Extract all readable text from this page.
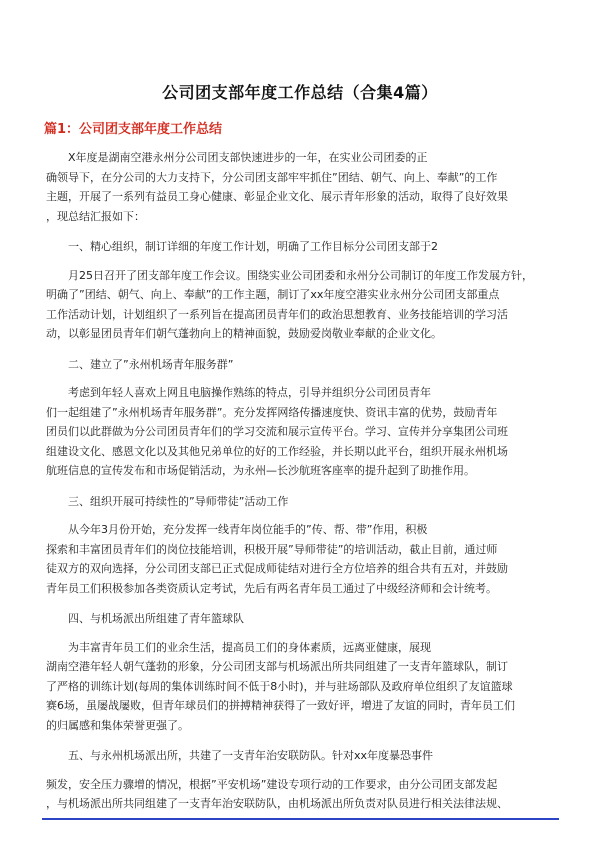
公司团支部年度工作总结（合集4篇）
篇1：公司团支部年度工作总结

X年度是湖南空港永州分公司团支部快速进步的一年，在实业公司团委的正
确领导下，在分公司的大力支持下，分公司团支部牢牢抓住”团结、朝气、向上、奉献”的工作
主题，开展了一系列有益员工身心健康、彰显企业文化、展示青年形象的活动，取得了良好效果
，现总结汇报如下：

一、精心组织，制订详细的年度工作计划，明确了工作目标分公司团支部于2

月25日召开了团支部年度工作会议。围绕实业公司团委和永州分公司制订的年度工作发展方针，
明确了”团结、朝气、向上、奉献”的工作主题，制订了xx年度空港实业永州分公司团支部重点
工作活动计划，计划组织了一系列旨在提高团员青年们的政治思想教育、业务技能培训的学习活
动，以彰显团员青年们朝气蓬勃向上的精神面貌，鼓励爱岗敬业奉献的企业文化。

二、建立了”永州机场青年服务群”

考虑到年轻人喜欢上网且电脑操作熟练的特点，引导并组织分公司团员青年
们一起组建了”永州机场青年服务群”。充分发挥网络传播速度快、资讯丰富的优势，鼓励青年
团员们以此群做为分公司团员青年们的学习交流和展示宣传平台。学习、宣传并分享集团公司班
组建设文化、感恩文化以及其他兄弟单位的好的工作经验，并长期以此平台，组织开展永州机场
航班信息的宣传发布和市场促销活动，为永州—长沙航班客座率的提升起到了助推作用。

三、组织开展可持续性的”导师带徒”活动工作

从今年3月份开始，充分发挥一线青年岗位能手的”传、帮、带”作用，积极
探索和丰富团员青年们的岗位技能培训，积极开展”导师带徒”的培训活动，截止目前，通过师
徒双方的双向选择，分公司团支部已正式促成师徒结对进行全方位培养的组合共有五对，并鼓励
青年员工们积极参加各类资质认定考试，先后有两名青年员工通过了中级经济师和会计统考。

四、与机场派出所组建了青年篮球队

为丰富青年员工们的业余生活，提高员工们的身体素质，远离亚健康，展现
湖南空港年轻人朝气蓬勃的形象，分公司团支部与机场派出所共同组建了一支青年篮球队，制订
了严格的训练计划(每周的集体训练时间不低于8小时)，并与驻场部队及政府单位组织了友谊篮球
赛6场，虽屡战屡败，但青年球员们的拼搏精神获得了一致好评，增进了友谊的同时，青年员工们
的归属感和集体荣誉更强了。

五、与永州机场派出所，共建了一支青年治安联防队。针对xx年度暴恐事件

频发，安全压力骤增的情况，根据”平安机场”建设专项行动的工作要求，由分公司团支部发起
，与机场派出所共同组建了一支青年治安联防队，由机场派出所负责对队员进行相关法律法规、
